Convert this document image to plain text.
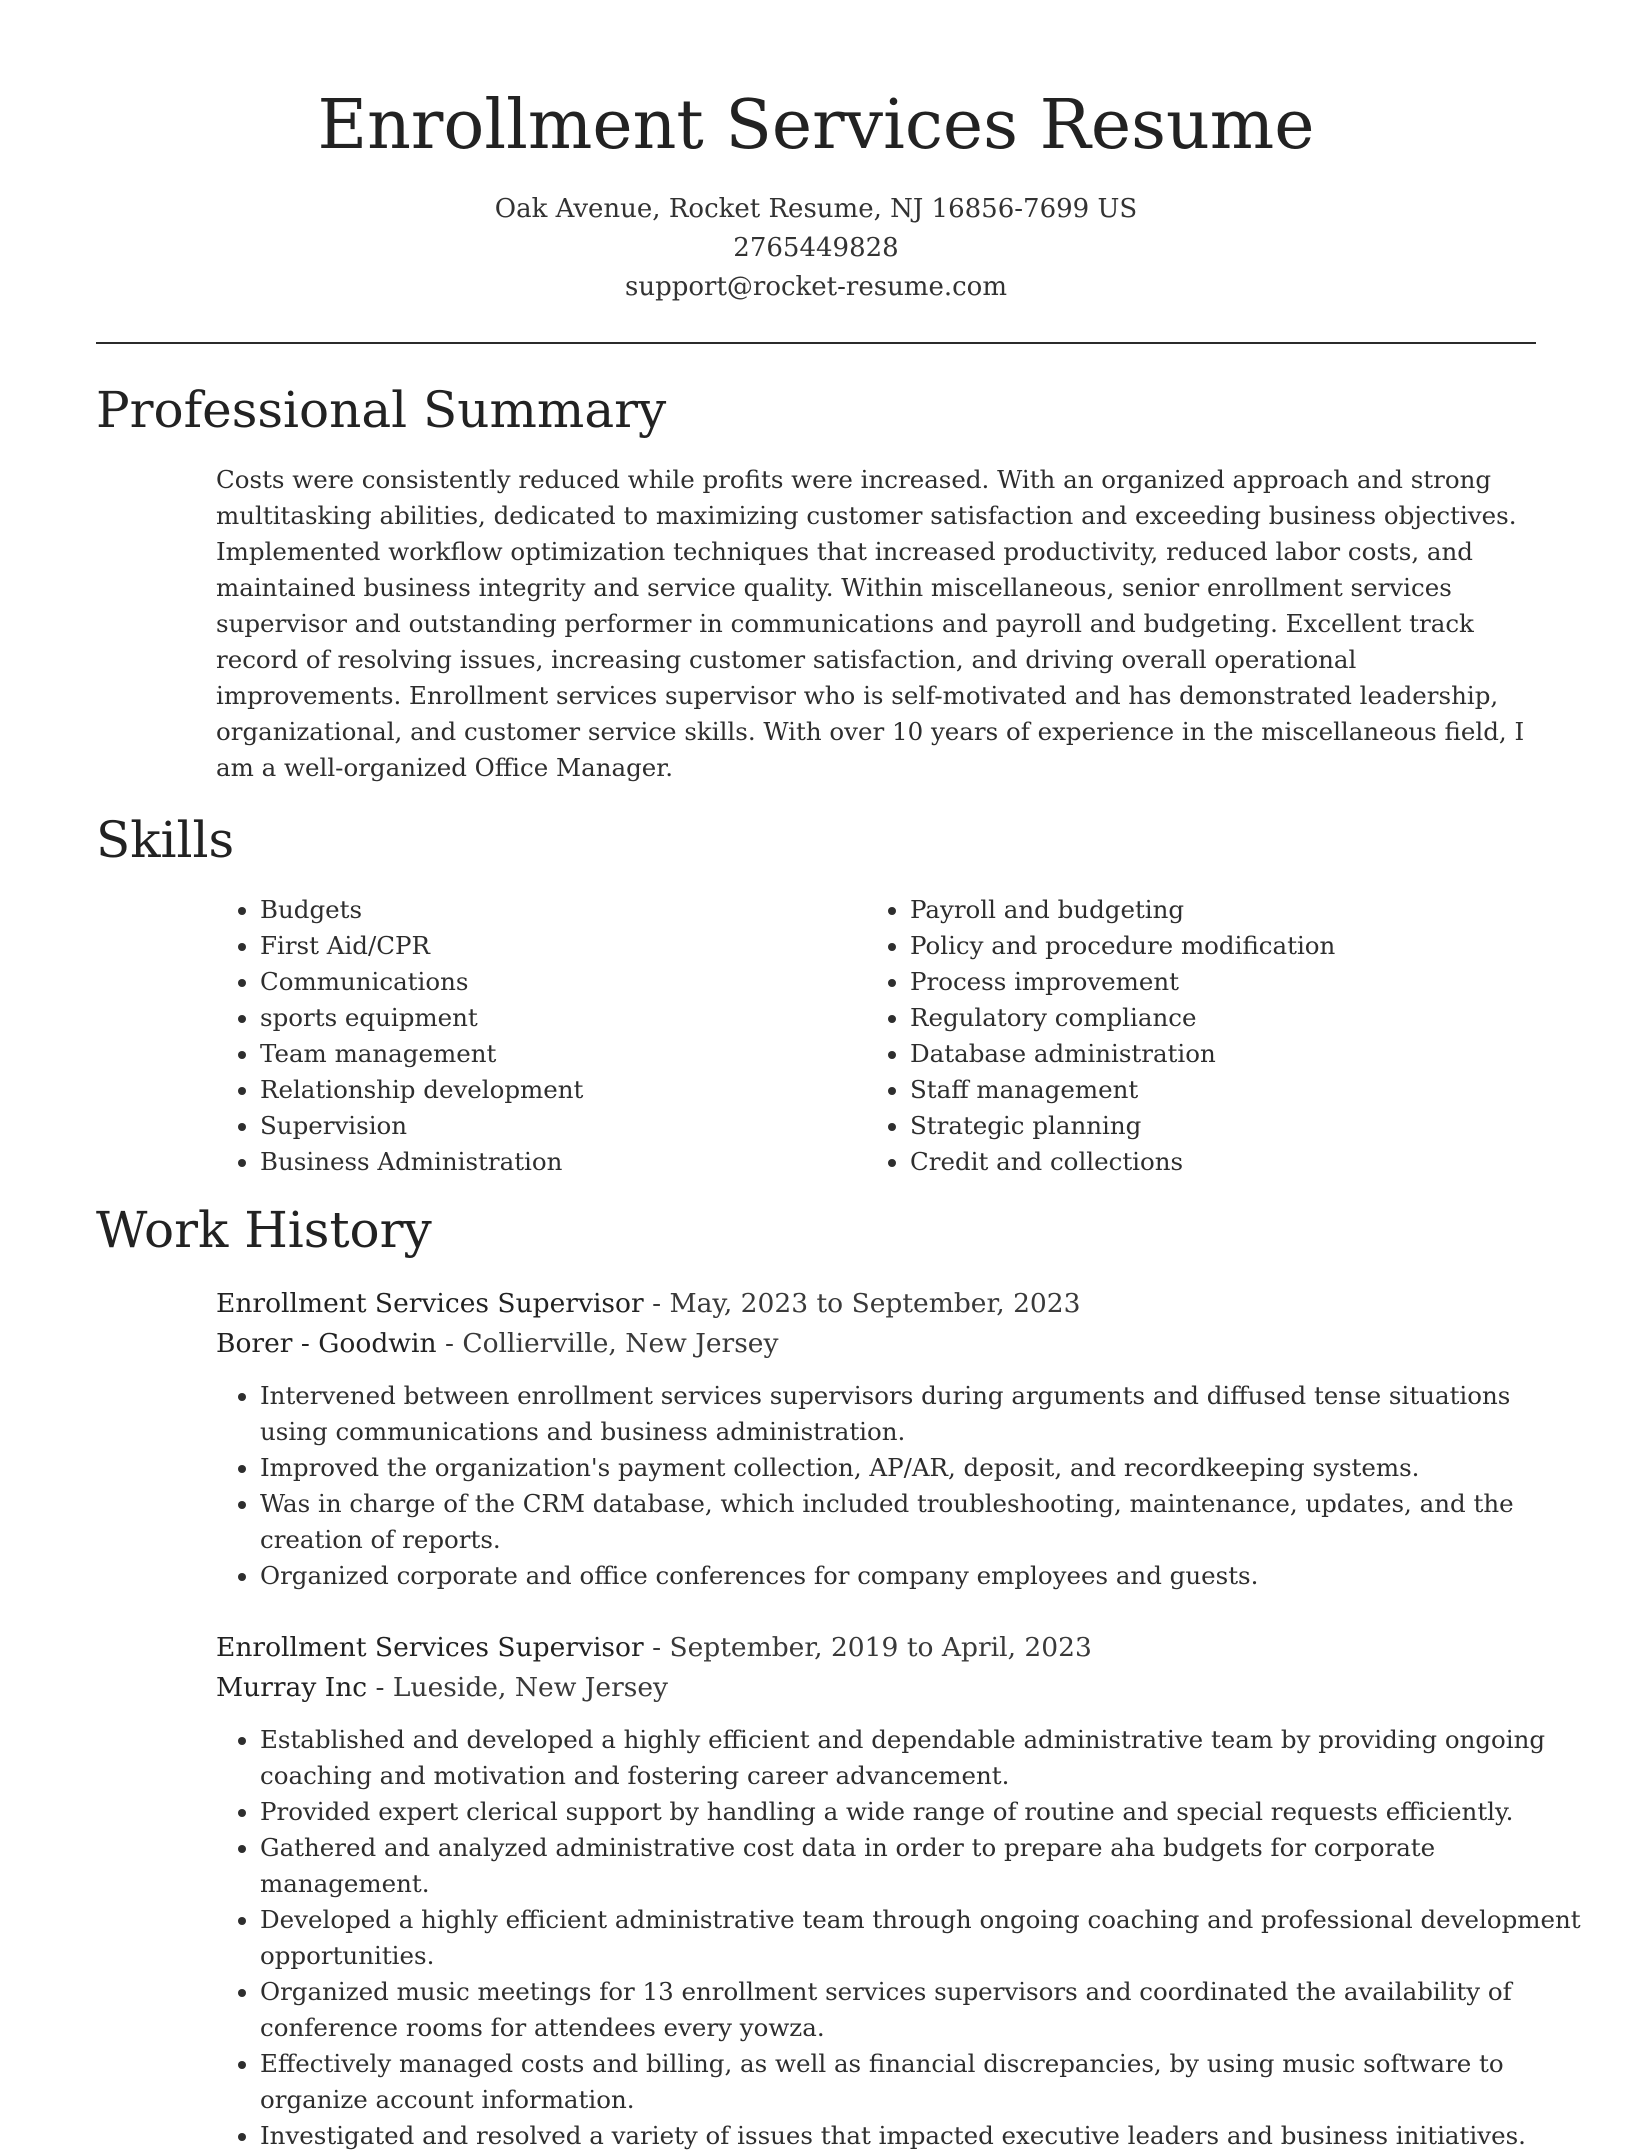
Enrollment Services Resume
Oak Avenue, Rocket Resume, NJ 16856-7699 US
2765449828
support@rocket-resume.com
Professional Summary

Costs were consistently reduced while profits were increased. With an organized approach and strong multitasking abilities, dedicated to maximizing customer satisfaction and exceeding business objectives. Implemented workflow optimization techniques that increased productivity, reduced labor costs, and maintained business integrity and service quality. Within miscellaneous, senior enrollment services supervisor and outstanding performer in communications and payroll and budgeting. Excellent track record of resolving issues, increasing customer satisfaction, and driving overall operational improvements. Enrollment services supervisor who is self-motivated and has demonstrated leadership, organizational, and customer service skills. With over 10 years of experience in the miscellaneous field, I am a well-organized Office Manager.

Skills
• Budgets
• First Aid/CPR
• Communications
• sports equipment
• Team management
• Relationship development
• Supervision
• Business Administration
• Payroll and budgeting
• Policy and procedure modification
• Process improvement
• Regulatory compliance
• Database administration
• Staff management
• Strategic planning
• Credit and collections
Work History
Enrollment Services Supervisor - May, 2023 to September, 2023
Borer - Goodwin - Collierville, New Jersey
• Intervened between enrollment services supervisors during arguments and diffused tense situations using communications and business administration.
• Improved the organization's payment collection, AP/AR, deposit, and recordkeeping systems.
• Was in charge of the CRM database, which included troubleshooting, maintenance, updates, and the creation of reports.
• Organized corporate and office conferences for company employees and guests.
Enrollment Services Supervisor - September, 2019 to April, 2023
Murray Inc - Lueside, New Jersey
• Established and developed a highly efficient and dependable administrative team by providing ongoing coaching and motivation and fostering career advancement.
• Provided expert clerical support by handling a wide range of routine and special requests efficiently.
• Gathered and analyzed administrative cost data in order to prepare aha budgets for corporate management.
• Developed a highly efficient administrative team through ongoing coaching and professional development opportunities.
• Organized music meetings for 13 enrollment services supervisors and coordinated the availability of conference rooms for attendees every yowza.
• Effectively managed costs and billing, as well as financial discrepancies, by using music software to organize account information.
• Investigated and resolved a variety of issues that impacted executive leaders and business initiatives.
